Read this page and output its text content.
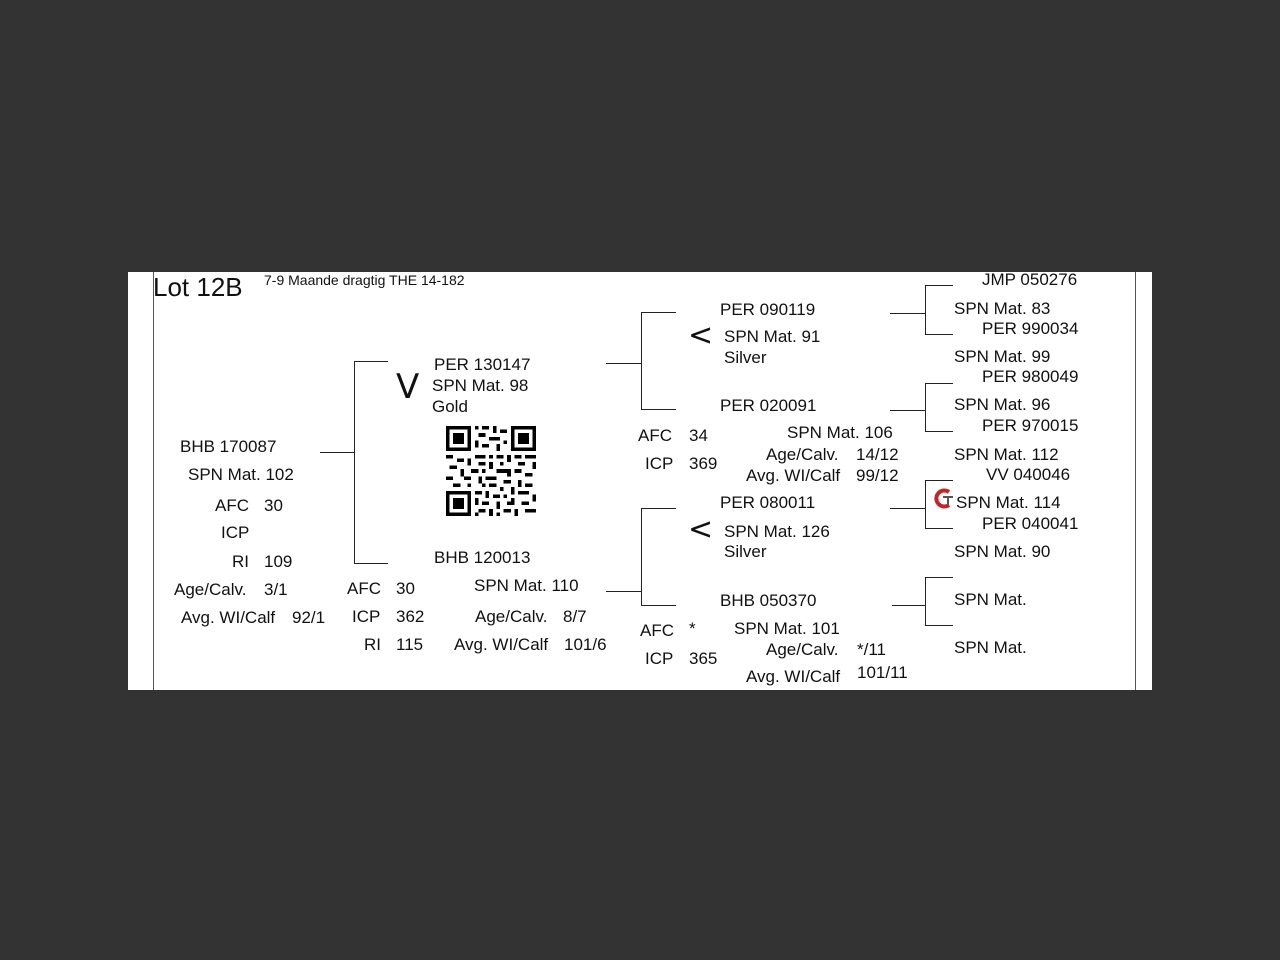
Lot 12B 7-9 Maande dragtig THE 14-182
BHB 170087
SPN Mat. 102
AFC 30
ICP
RI 109
Age/Calv. 3/1
Avg. WI/Calf 92/1
V
PER 130147
SPN Mat. 98
Gold
BHB 120013
SPN Mat. 110
AFC 30
ICP 362
RI 115
Age/Calv. 8/7
Avg. WI/Calf 101/6
PER 090119
< SPN Mat. 91
Silver
PER 020091
AFC 34
ICP 369
SPN Mat. 106
Age/Calv. 14/12
Avg. WI/Calf 99/12
PER 080011
< SPN Mat. 126
Silver
BHB 050370
AFC *
ICP 365
SPN Mat. 101
Age/Calv. */11
Avg. WI/Calf 101/11
JMP 050276
SPN Mat. 83
PER 990034
SPN Mat. 99
PER 980049
SPN Mat. 96
PER 970015
SPN Mat. 112
VV 040046
SPN Mat. 114
PER 040041
SPN Mat. 90
SPN Mat.
SPN Mat.
